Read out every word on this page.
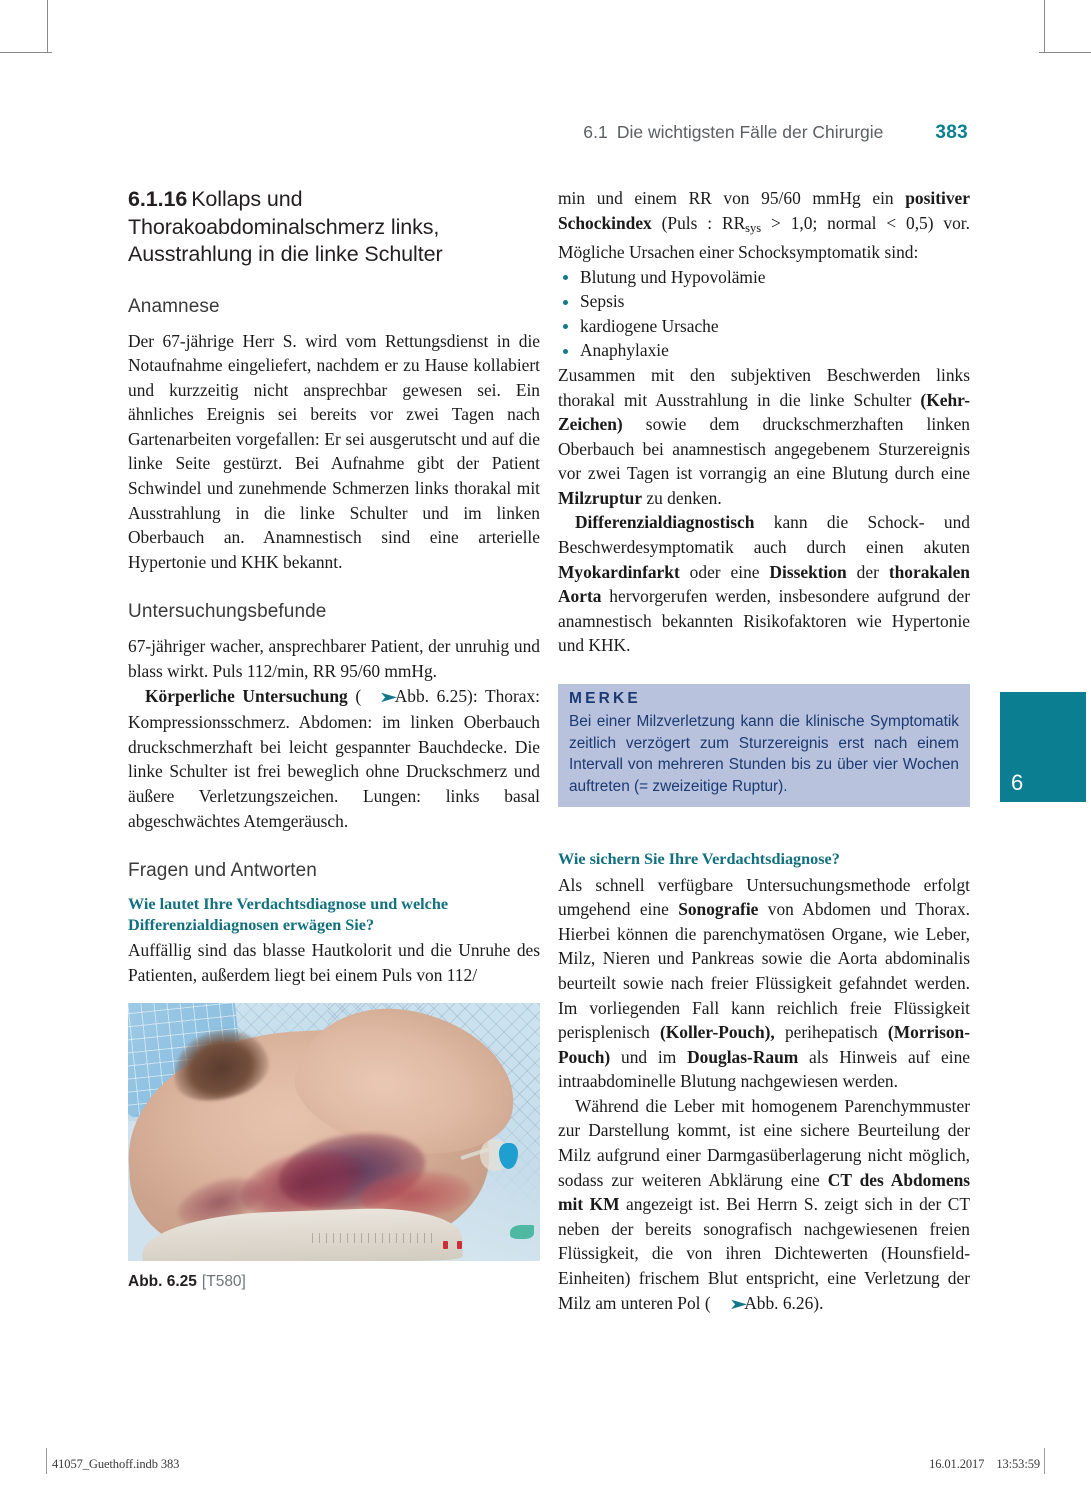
6.1 Die wichtigsten Fälle der Chirurgie	383
6
6.1.16 Kollaps und Thorakoabdominalschmerz links, Ausstrahlung in die linke Schulter
Anamnese

Der 67-jährige Herr S. wird vom Rettungsdienst in die Notaufnahme eingeliefert, nachdem er zu Hause kollabiert und kurzzeitig nicht ansprechbar gewesen sei. Ein ähnliches Ereignis sei bereits vor zwei Tagen nach Gartenarbeiten vorgefallen: Er sei ausgerutscht und auf die linke Seite gestürzt. Bei Aufnahme gibt der Patient Schwindel und zunehmende Schmerzen links thorakal mit Ausstrahlung in die linke Schulter und im linken Oberbauch an. Anamnestisch sind eine arterielle Hypertonie und KHK bekannt.

Untersuchungsbefunde

67-jähriger wacher, ansprechbarer Patient, der unruhig und blass wirkt. Puls 112/min, RR 95/60 mmHg.

Körperliche Untersuchung ( ➤Abb. 6.25): Thorax: Kompressionsschmerz. Abdomen: im linken Oberbauch druckschmerzhaft bei leicht gespannter Bauchdecke. Die linke Schulter ist frei beweglich ohne Druckschmerz und äußere Verletzungszeichen. Lungen: links basal abgeschwächtes Atemgeräusch.

Fragen und Antworten
Wie lautet Ihre Verdachtsdiagnose und welche Differenzialdiagnosen erwägen Sie?

Auffällig sind das blasse Hautkolorit und die Unruhe des Patienten, außerdem liegt bei einem Puls von 112/

Abb. 6.25 [T580]

min und einem RR von 95/60 mmHg ein positiver Schockindex (Puls : RRsys > 1,0; normal < 0,5) vor. Mögliche Ursachen einer Schocksymptomatik sind:

Blutung und Hypovolämie
Sepsis
kardiogene Ursache
Anaphylaxie

Zusammen mit den subjektiven Beschwerden links thorakal mit Ausstrahlung in die linke Schulter (Kehr-Zeichen) sowie dem druckschmerzhaften linken Oberbauch bei anamnestisch angegebenem Sturzereignis vor zwei Tagen ist vorrangig an eine Blutung durch eine Milzruptur zu denken.

Differenzialdiagnostisch kann die Schock- und Beschwerdesymptomatik auch durch einen akuten Myokardinfarkt oder eine Dissektion der thorakalen Aorta hervorgerufen werden, insbesondere aufgrund der anamnestisch bekannten Risikofaktoren wie Hypertonie und KHK.

MERKE
Bei einer Milzverletzung kann die klinische Symptomatik zeitlich verzögert zum Sturzereignis erst nach einem Intervall von mehreren Stunden bis zu über vier Wochen auftreten (= zweizeitige Ruptur).
Wie sichern Sie Ihre Verdachtsdiagnose?

Als schnell verfügbare Untersuchungsmethode erfolgt umgehend eine Sonografie von Abdomen und Thorax. Hierbei können die parenchymatösen Organe, wie Leber, Milz, Nieren und Pankreas sowie die Aorta abdominalis beurteilt sowie nach freier Flüssigkeit gefahndet werden. Im vorliegenden Fall kann reichlich freie Flüssigkeit perisplenisch (Koller-Pouch), perihepatisch (Morrison-Pouch) und im Douglas-Raum als Hinweis auf eine intraabdominelle Blutung nachgewiesen werden.

Während die Leber mit homogenem Parenchymmuster zur Darstellung kommt, ist eine sichere Beurteilung der Milz aufgrund einer Darmgasüberlagerung nicht möglich, sodass zur weiteren Abklärung eine CT des Abdomens mit KM angezeigt ist. Bei Herrn S. zeigt sich in der CT neben der bereits sonografisch nachgewiesenen freien Flüssigkeit, die von ihren Dichtewerten (Hounsfield-Einheiten) frischem Blut entspricht, eine Verletzung der Milz am unteren Pol ( ➤Abb. 6.26).

41057_Guethoff.indb 383	16.01.2017 13:53:59
